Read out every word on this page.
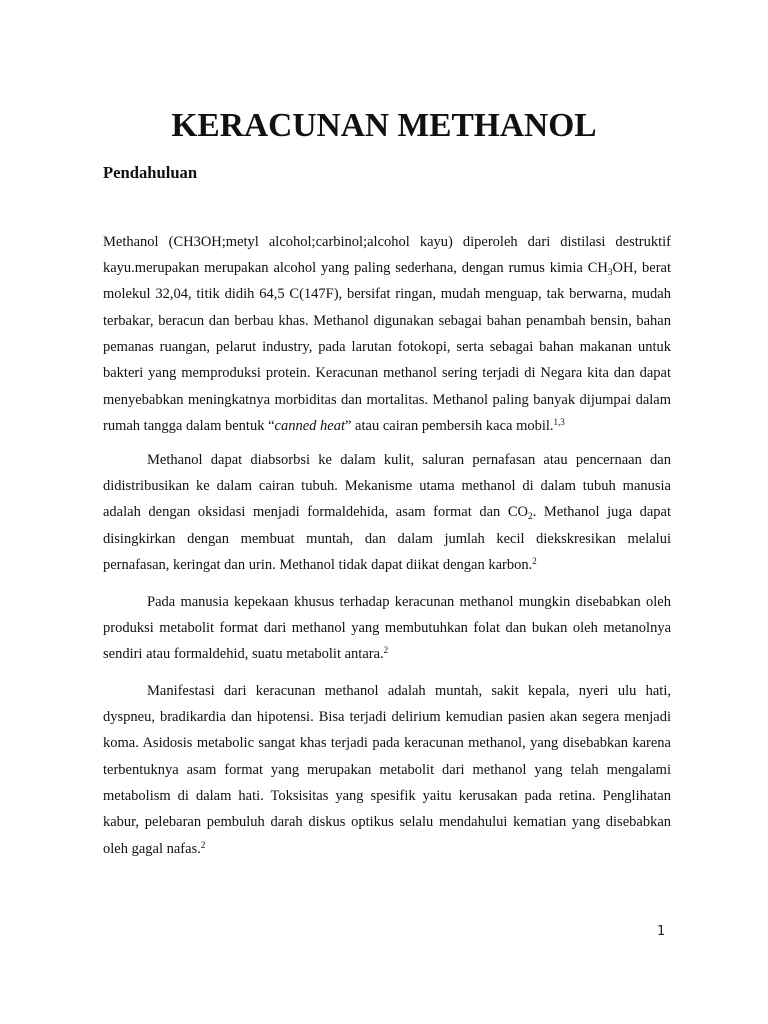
KERACUNAN METHANOL
Pendahuluan
Methanol (CH3OH;metyl alcohol;carbinol;alcohol kayu) diperoleh dari distilasi destruktif
kayu.merupakan merupakan alcohol yang paling sederhana, dengan rumus kimia CH3OH, berat
molekul 32,04, titik didih 64,5 C(147F), bersifat ringan, mudah menguap, tak berwarna, mudah
terbakar, beracun dan berbau khas. Methanol digunakan sebagai bahan penambah bensin, bahan
pemanas ruangan, pelarut industry, pada larutan fotokopi, serta sebagai bahan makanan untuk
bakteri yang memproduksi protein. Keracunan methanol sering terjadi di Negara kita dan dapat
menyebabkan meningkatnya morbiditas dan mortalitas. Methanol paling banyak dijumpai dalam
rumah tangga dalam bentuk “canned heat” atau cairan pembersih kaca mobil.$^{1,3}$
Methanol dapat diabsorbsi ke dalam kulit, saluran pernafasan atau pencernaan dan
didistribusikan ke dalam cairan tubuh. Mekanisme utama methanol di dalam tubuh manusia
adalah dengan oksidasi menjadi formaldehida, asam format dan CO2. Methanol juga dapat
disingkirkan dengan membuat muntah, dan dalam jumlah kecil diekskresikan melalui
pernafasan, keringat dan urin. Methanol tidak dapat diikat dengan karbon.$^2$
Pada manusia kepekaan khusus terhadap keracunan methanol mungkin disebabkan oleh
produksi metabolit format dari methanol yang membutuhkan folat dan bukan oleh metanolnya
sendiri atau formaldehid, suatu metabolit antara.$^2$
Manifestasi dari keracunan methanol adalah muntah, sakit kepala, nyeri ulu hati,
dyspneu, bradikardia dan hipotensi. Bisa terjadi delirium kemudian pasien akan segera menjadi
koma. Asidosis metabolic sangat khas terjadi pada keracunan methanol, yang disebabkan karena
terbentuknya asam format yang merupakan metabolit dari methanol yang telah mengalami
metabolism di dalam hati. Toksisitas yang spesifik yaitu kerusakan pada retina. Penglihatan
kabur, pelebaran pembuluh darah diskus optikus selalu mendahului kematian yang disebabkan
oleh gagal nafas.$^2$
1
